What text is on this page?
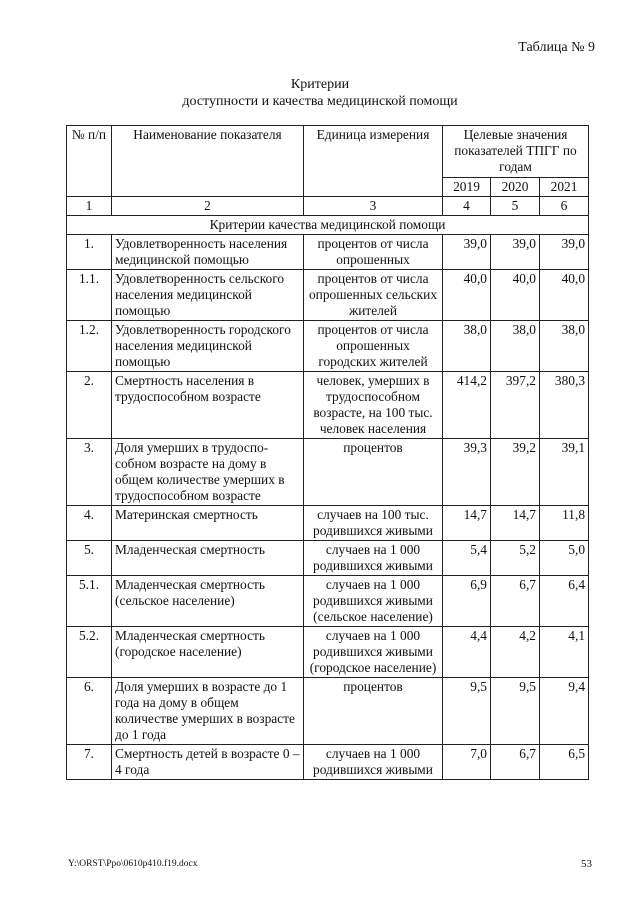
Таблица № 9
Критерии
доступности и качества медицинской помощи
№ п/п	Наименование показателя	Единица измерения	Целевые значения показателей ТПГГ по годам		
			2019	2020	2021
1	2	3	4	5	6
Критерии качества медицинской помощи					
1.	Удовлетворенность населения медицинской помощью	процентов от числа опрошенных	39,0	39,0	39,0
1.1.	Удовлетворенность сельского населения медицинской помощью	процентов от числа опрошенных сельских жителей	40,0	40,0	40,0
1.2.	Удовлетворенность городского населения медицинской помощью	процентов от числа опрошенных городских жителей	38,0	38,0	38,0
2.	Смертность населения в трудоспособном возрасте	человек, умерших в трудоспособном возрасте, на 100 тыс. человек населения	414,2	397,2	380,3
3.	Доля умерших в трудоспо-собном возрасте на дому в общем количестве умерших в трудоспособном возрасте	процентов	39,3	39,2	39,1
4.	Материнская смертность	случаев на 100 тыс. родившихся живыми	14,7	14,7	11,8
5.	Младенческая смертность	случаев на 1 000 родившихся живыми	5,4	5,2	5,0
5.1.	Младенческая смертность (сельское население)	случаев на 1 000 родившихся живыми (сельское население)	6,9	6,7	6,4
5.2.	Младенческая смертность (городское население)	случаев на 1 000 родившихся живыми (городское население)	4,4	4,2	4,1
6.	Доля умерших в возрасте до 1 года на дому в общем количестве умерших в возрасте до 1 года	процентов	9,5	9,5	9,4
7.	Смертность детей в возрасте 0 – 4 года	случаев на 1 000 родившихся живыми	7,0	6,7	6,5
Y:\ORST\Ppo\0610p410.f19.docx	53
